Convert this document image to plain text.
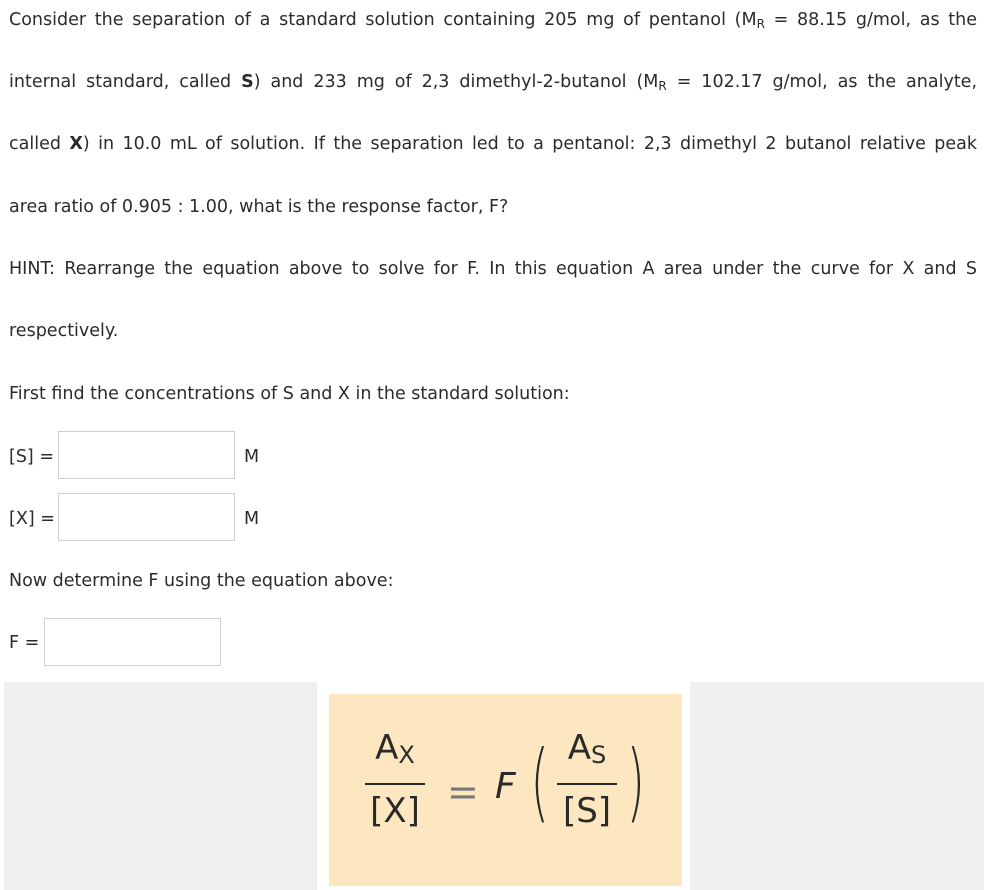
Consider the separation of a standard solution containing 205 mg of pentanol ($M_R = 88.15$ g/mol, as the
internal standard, called S) and 233 mg of 2,3 dimethyl-2-butanol ($M_R = 102.17$ g/mol, as the analyte,
called X) in 10.0 mL of solution. If the separation led to a pentanol: 2,3 dimethyl 2 butanol relative peak
area ratio of 0.905 : 1.00, what is the response factor, F?
HINT: Rearrange the equation above to solve for F. In this equation A area under the curve for X and S
respectively.
First find the concentrations of S and X in the standard solution:
[S] =	M
[X] =	M
Now determine F using the equation above:
F =
$A_X$
[X] = F ( $A_S$
[S] )
